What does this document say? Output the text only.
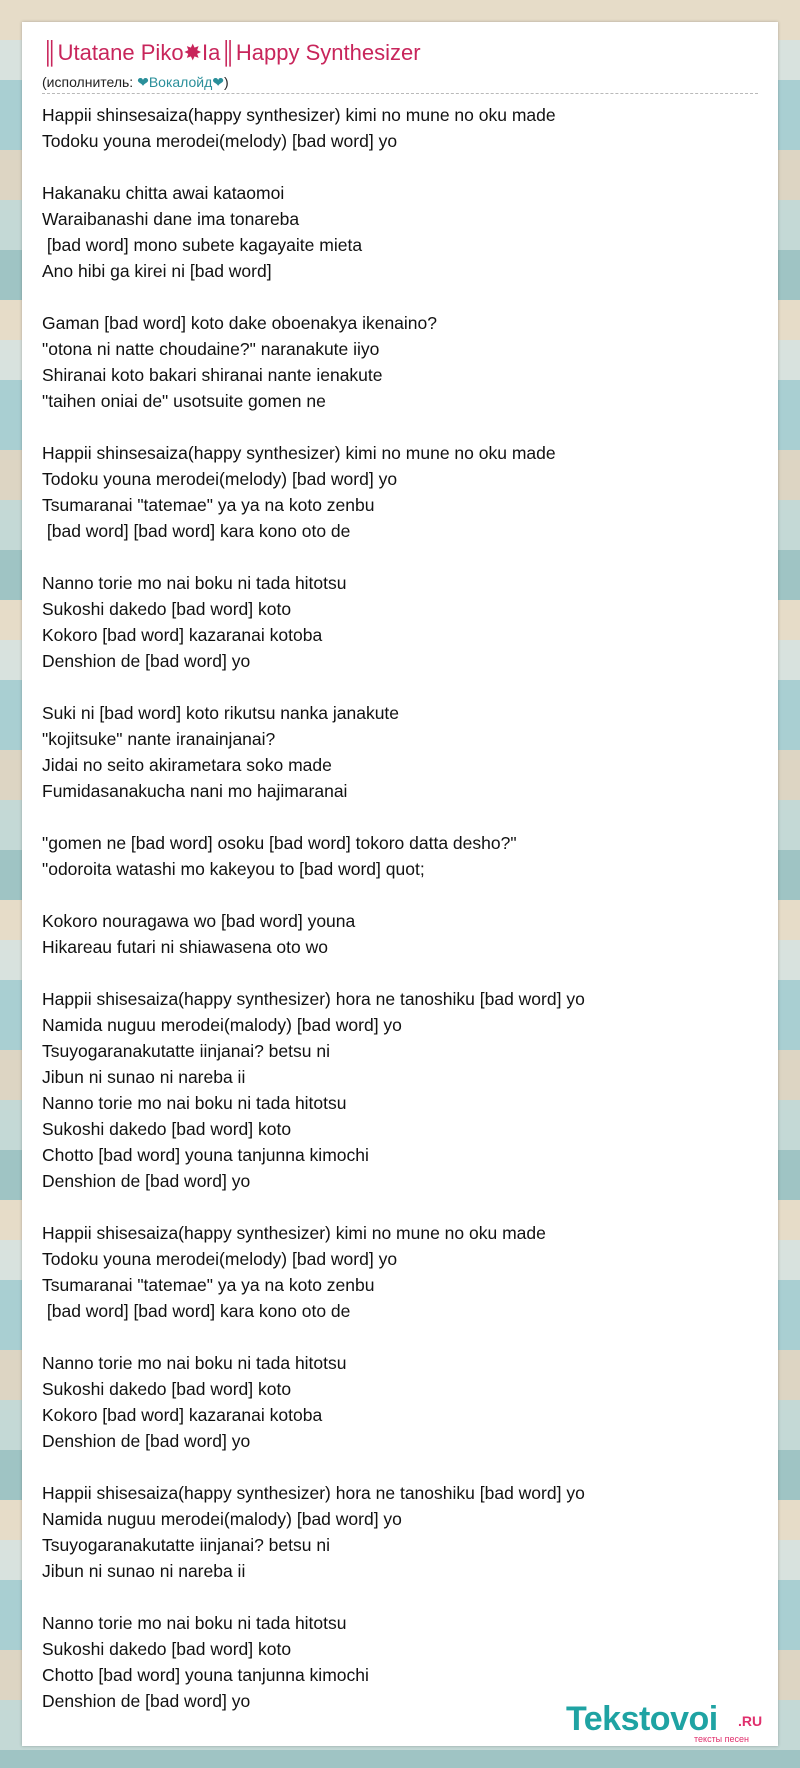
║Utatane Piko✸Ia║Happy Synthesizer
(исполнитель: ❤Вокалойд❤)
Happii shinsesaiza(happy synthesizer) kimi no mune no oku made
Todoku youna merodei(melody) [bad word] yo
Hakanaku chitta awai kataomoi
Waraibanashi dane ima tonareba
[bad word] mono subete kagayaite mieta
Ano hibi ga kirei ni [bad word]
Gaman [bad word] koto dake oboenakya ikenaino?
"otona ni natte choudaine?" naranakute iiyo
Shiranai koto bakari shiranai nante ienakute
"taihen oniai de" usotsuite gomen ne
Happii shinsesaiza(happy synthesizer) kimi no mune no oku made
Todoku youna merodei(melody) [bad word] yo
Tsumaranai "tatemae" ya ya na koto zenbu
[bad word] [bad word] kara kono oto de
Nanno torie mo nai boku ni tada hitotsu
Sukoshi dakedo [bad word] koto
Kokoro [bad word] kazaranai kotoba
Denshion de [bad word] yo
Suki ni [bad word] koto rikutsu nanka janakute
"kojitsuke" nante iranainjanai?
Jidai no seito akirametara soko made
Fumidasanakucha nani mo hajimaranai
"gomen ne [bad word] osoku [bad word] tokoro datta desho?"
"odoroita watashi mo kakeyou to [bad word] quot;
Kokoro nouragawa wo [bad word] youna
Hikareau futari ni shiawasena oto wo
Happii shisesaiza(happy synthesizer) hora ne tanoshiku [bad word] yo
Namida nuguu merodei(malody) [bad word] yo
Tsuyogaranakutatte iinjanai? betsu ni
Jibun ni sunao ni nareba ii
Nanno torie mo nai boku ni tada hitotsu
Sukoshi dakedo [bad word] koto
Chotto [bad word] youna tanjunna kimochi
Denshion de [bad word] yo
Happii shisesaiza(happy synthesizer) kimi no mune no oku made
Todoku youna merodei(melody) [bad word] yo
Tsumaranai "tatemae" ya ya na koto zenbu
[bad word] [bad word] kara kono oto de
Nanno torie mo nai boku ni tada hitotsu
Sukoshi dakedo [bad word] koto
Kokoro [bad word] kazaranai kotoba
Denshion de [bad word] yo
Happii shisesaiza(happy synthesizer) hora ne tanoshiku [bad word] yo
Namida nuguu merodei(malody) [bad word] yo
Tsuyogaranakutatte iinjanai? betsu ni
Jibun ni sunao ni nareba ii
Nanno torie mo nai boku ni tada hitotsu
Sukoshi dakedo [bad word] koto
Chotto [bad word] youna tanjunna kimochi
Denshion de [bad word] yo	Tekstovoi .RU
тексты песен
